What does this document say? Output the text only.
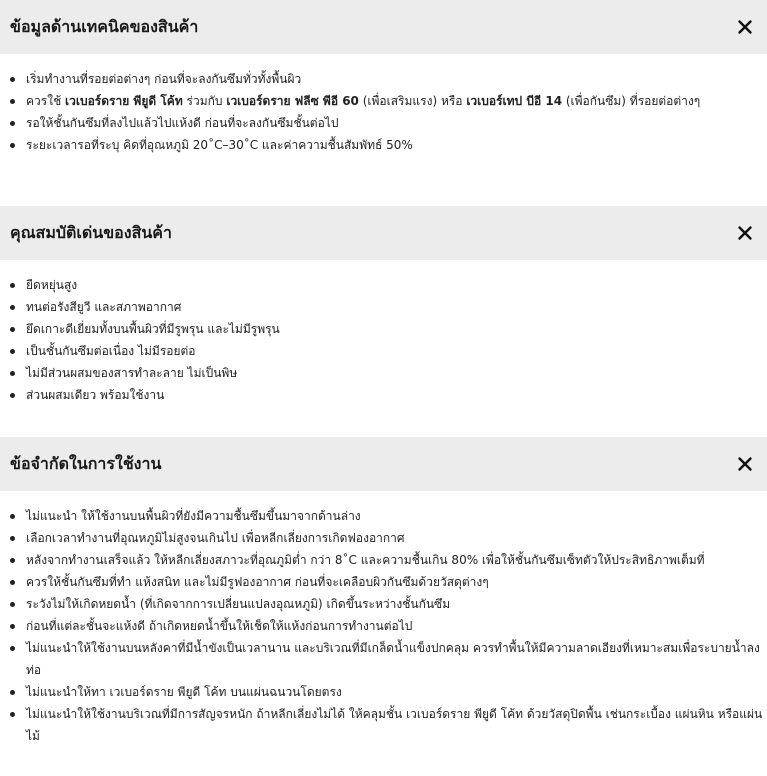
ข้อมูลด้านเทคนิคของสินค้า
เริ่มทำงานที่รอยต่อต่างๆ ก่อนที่จะลงกันซึมทั่วทั้งพื้นผิว
ควรใช้ เวเบอร์ดราย พียูดี โค้ท ร่วมกับ เวเบอร์ดราย ฟลีซ พีอี 60 (เพื่อเสริมแรง) หรือ เวเบอร์เทป บีอี 14 (เพื่อกันซึม) ที่รอยต่อต่างๆ
รอให้ชั้นกันซึมที่ลงไปแล้วไปแห้งดี ก่อนที่จะลงกันซึมชั้นต่อไป
ระยะเวลารอที่ระบุ คิดที่อุณหภูมิ 20˚C–30˚C และค่าความชื้นสัมพัทธ์ 50%
คุณสมบัติเด่นของสินค้า
ยืดหยุ่นสูง
ทนต่อรังสียูวี และสภาพอากาศ
ยึดเกาะดีเยี่ยมทั้งบนพื้นผิวที่มีรูพรุน และไม่มีรูพรุน
เป็นชั้นกันซึมต่อเนื่อง ไม่มีรอยต่อ
ไม่มีส่วนผสมของสารทำละลาย ไม่เป็นพิษ
ส่วนผสมเดียว พร้อมใช้งาน
ข้อจำกัดในการใช้งาน
ไม่แนะนำ ให้ใช้งานบนพื้นผิวที่ยังมีความชื้นซึมขึ้นมาจากด้านล่าง
เลือกเวลาทำงานที่อุณหภูมิไม่สูงจนเกินไป เพื่อหลีกเลี่ยงการเกิดฟองอากาศ
หลังจากทำงานเสร็จแล้ว ให้หลีกเลี่ยงสภาวะที่อุณภูมิต่ำ กว่า 8˚C และความชื้นเกิน 80% เพื่อให้ชั้นกันซึมเซ็ทตัวให้ประสิทธิภาพเต็มที่
ควรให้ชั้นกันซึมที่ทำ แห้งสนิท และไม่มีรูฟองอากาศ ก่อนที่จะเคลือบผิวกันซึมด้วยวัสดุต่างๆ
ระวังไม่ให้เกิดหยดน้ำ (ที่เกิดจากการเปลี่ยนแปลงอุณหภูมิ) เกิดขึ้นระหว่างชั้นกันซึม
ก่อนที่แต่ละชั้นจะแห้งดี ถ้าเกิดหยดน้ำขึ้นให้เช็ดให้แห้งก่อนการทำงานต่อไป
ไม่แนะนำให้ใช้งานบนหลังคาที่มีน้ำขังเป็นเวลานาน และบริเวณที่มีเกล็ดน้ำแข็งปกคลุม ควรทำพื้นให้มีความลาดเอียงที่เหมาะสมเพื่อระบายน้ำลงท่อ
ไม่แนะนำให้ทา เวเบอร์ดราย พียูดี โค้ท บนแผ่นฉนวนโดยตรง
ไม่แนะนำให้ใช้งานบริเวณที่มีการสัญจรหนัก ถ้าหลีกเลี่ยงไม่ได้ ให้คลุมชั้น เวเบอร์ดราย พียูดี โค้ท ด้วยวัสดุปิดพื้น เช่นกระเบื้อง แผ่นหิน หรือแผ่นไม้
